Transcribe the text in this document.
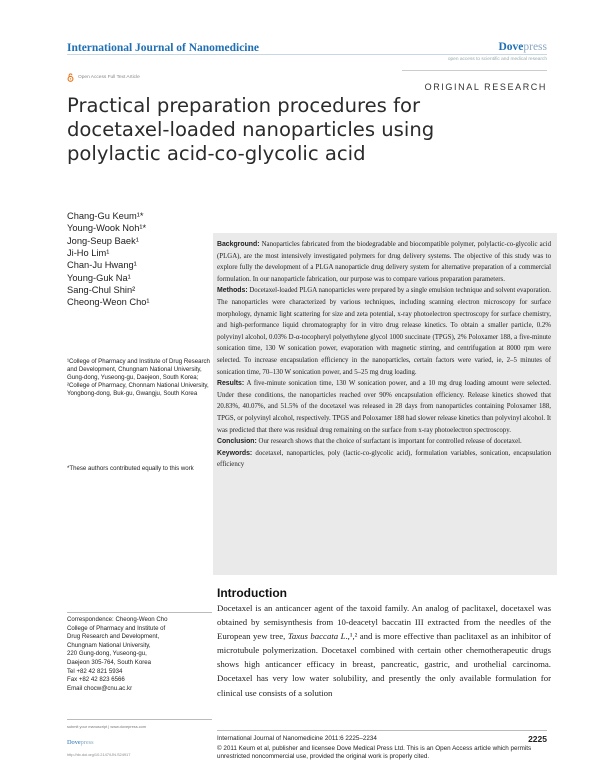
International Journal of Nanomedicine	Dovepress
open access to scientific and medical research
Open Access Full Text Article
ORIGINAL RESEARCH
Practical preparation procedures for docetaxel-loaded nanoparticles using polylactic acid-co-glycolic acid
Chang-Gu Keum¹*
Young-Wook Noh¹*
Jong-Seup Baek¹
Ji-Ho Lim¹
Chan-Ju Hwang¹
Young-Guk Na¹
Sang-Chul Shin²
Cheong-Weon Cho¹
¹College of Pharmacy and Institute of Drug Research and Development, Chungnam National University, Gung-dong, Yuseong-gu, Daejeon, South Korea; ²College of Pharmacy, Chonnam National University, Yongbong-dong, Buk-gu, Gwangju, South Korea
*These authors contributed equally to this work
Correspondence: Cheong-Weon Cho
College of Pharmacy and Institute of
Drug Research and Development,
Chungnam National University,
220 Gung-dong, Yuseong-gu,
Daejeon 305-764, South Korea
Tel +82 42 821 5934
Fax +82 42 823 6566
Email chocw@cnu.ac.kr

Background: Nanoparticles fabricated from the biodegradable and biocompatible polymer, polylactic-co-glycolic acid (PLGA), are the most intensively investigated polymers for drug delivery systems. The objective of this study was to explore fully the development of a PLGA nanoparticle drug delivery system for alternative preparation of a commercial formulation. In our nanoparticle fabrication, our purpose was to compare various preparation parameters.

Methods: Docetaxel-loaded PLGA nanoparticles were prepared by a single emulsion technique and solvent evaporation. The nanoparticles were characterized by various techniques, including scanning electron microscopy for surface morphology, dynamic light scattering for size and zeta potential, x-ray photoelectron spectroscopy for surface chemistry, and high-performance liquid chromatography for in vitro drug release kinetics. To obtain a smaller particle, 0.2% polyvinyl alcohol, 0.03% D-α-tocopheryl polyethylene glycol 1000 succinate (TPGS), 2% Poloxamer 188, a five-minute sonication time, 130 W sonication power, evaporation with magnetic stirring, and centrifugation at 8000 rpm were selected. To increase encapsulation efficiency in the nanoparticles, certain factors were varied, ie, 2–5 minutes of sonication time, 70–130 W sonication power, and 5–25 mg drug loading.

Results: A five-minute sonication time, 130 W sonication power, and a 10 mg drug loading amount were selected. Under these conditions, the nanoparticles reached over 90% encapsulation efficiency. Release kinetics showed that 20.83%, 40.07%, and 51.5% of the docetaxel was released in 28 days from nanoparticles containing Poloxamer 188, TPGS, or polyvinyl alcohol, respectively. TPGS and Poloxamer 188 had slower release kinetics than polyvinyl alcohol. It was predicted that there was residual drug remaining on the surface from x-ray photoelectron spectroscopy.

Conclusion: Our research shows that the choice of surfactant is important for controlled release of docetaxel.

Keywords: docetaxel, nanoparticles, poly (lactic-co-glycolic acid), formulation variables, sonication, encapsulation efficiency

Introduction
Docetaxel is an anticancer agent of the taxoid family. An analog of paclitaxel, docetaxel was obtained by semisynthesis from 10-deacetyl baccatin III extracted from the needles of the European yew tree, Taxus baccata L.,¹,² and is more effective than paclitaxel as an inhibitor of microtubule polymerization. Docetaxel combined with certain other chemotherapeutic drugs shows high anticancer efficacy in breast, pancreatic, gastric, and urothelial carcinoma. Docetaxel has very low water solubility, and presently the only available formulation for clinical use consists of a solution
submit your manuscript | www.dovepress.com
Dovepress
http://dx.doi.org/10.2147/IJN.S24917
International Journal of Nanomedicine 2011:6 2225–2234	2225
© 2011 Keum et al, publisher and licensee Dove Medical Press Ltd. This is an Open Access article which permits unrestricted noncommercial use, provided the original work is properly cited.
